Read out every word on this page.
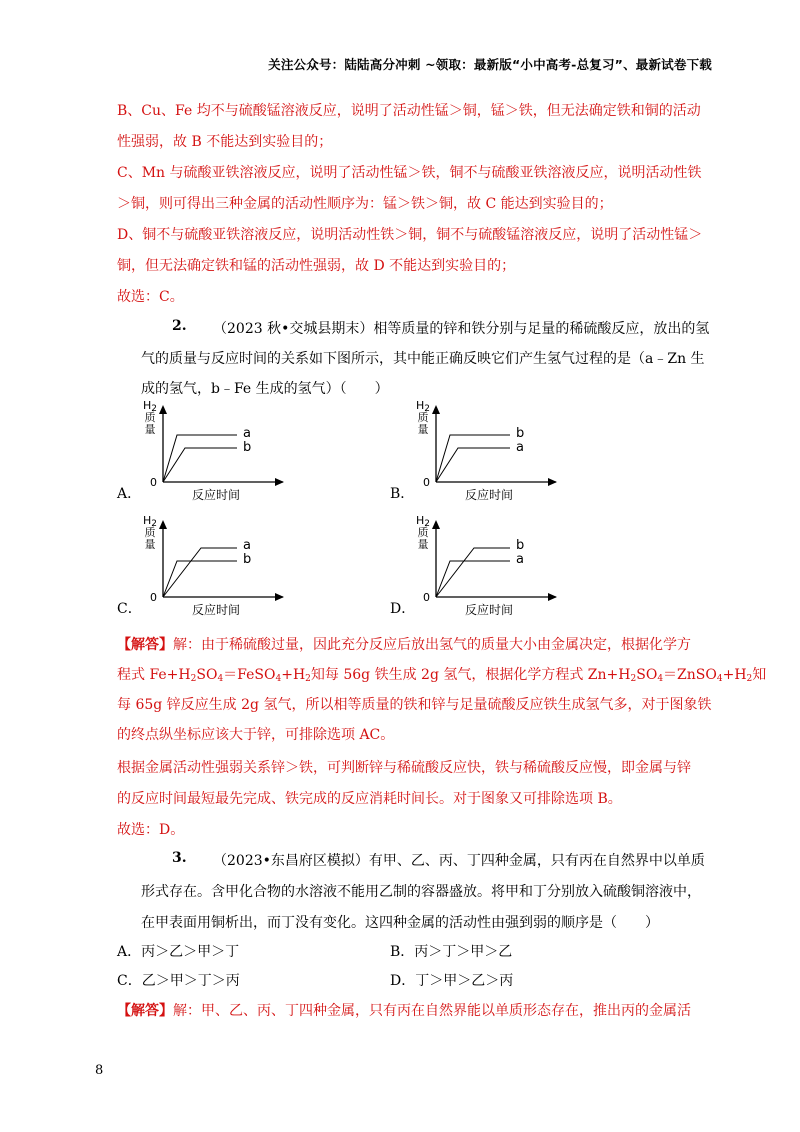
关注公众号：陆陆高分冲刺 ~领取：最新版“小中高考-总复习”、最新试卷下载
B、Cu、Fe 均不与硫酸锰溶液反应，说明了活动性锰＞铜，锰＞铁，但无法确定铁和铜的活动
性强弱，故 B 不能达到实验目的；
C、Mn 与硫酸亚铁溶液反应，说明了活动性锰＞铁，铜不与硫酸亚铁溶液反应，说明活动性铁
＞铜，则可得出三种金属的活动性顺序为：锰＞铁＞铜，故 C 能达到实验目的；
D、铜不与硫酸亚铁溶液反应，说明活动性铁＞铜，铜不与硫酸锰溶液反应，说明了活动性锰＞
铜，但无法确定铁和锰的活动性强弱，故 D 不能达到实验目的；
故选：C。
2. （2023 秋•交城县期末）相等质量的锌和铁分别与足量的稀硫酸反应，放出的氢
气的质量与反应时间的关系如下图所示，其中能正确反映它们产生氢气过程的是（a﹣Zn 生
成的氢气，b﹣Fe 生成的氢气）（　　）
A．
$H_2$
质
量
0
反应时间
a
b
B．
$H_2$
质
量
0
反应时间
b
a
C．
$H_2$
质
量
0
反应时间
a
b
D．
$H_2$
质
量
0
反应时间
b
a
【解答】解：由于稀硫酸过量，因此充分反应后放出氢气的质量大小由金属决定，根据化学方
程式 $Fe+H_2SO_4=FeSO_4+H_2$知每 56g 铁生成 2g 氢气，根据化学方程式 $Zn+H_2SO_4=ZnSO_4+H_2$知
每 65g 锌反应生成 2g 氢气，所以相等质量的铁和锌与足量硫酸反应铁生成氢气多，对于图象铁
的终点纵坐标应该大于锌，可排除选项 AC。
根据金属活动性强弱关系锌＞铁，可判断锌与稀硫酸反应快，铁与稀硫酸反应慢，即金属与锌
的反应时间最短最先完成、铁完成的反应消耗时间长。对于图象又可排除选项 B。
故选：D。
3. （2023•东昌府区模拟）有甲、乙、丙、丁四种金属，只有丙在自然界中以单质
形式存在。含甲化合物的水溶液不能用乙制的容器盛放。将甲和丁分别放入硫酸铜溶液中，
在甲表面用铜析出，而丁没有变化。这四种金属的活动性由强到弱的顺序是（　　）
A．丙＞乙＞甲＞丁	B．丙＞丁＞甲＞乙
C．乙＞甲＞丁＞丙	D．丁＞甲＞乙＞丙
【解答】解：甲、乙、丙、丁四种金属，只有丙在自然界能以单质形态存在，推出丙的金属活
8
